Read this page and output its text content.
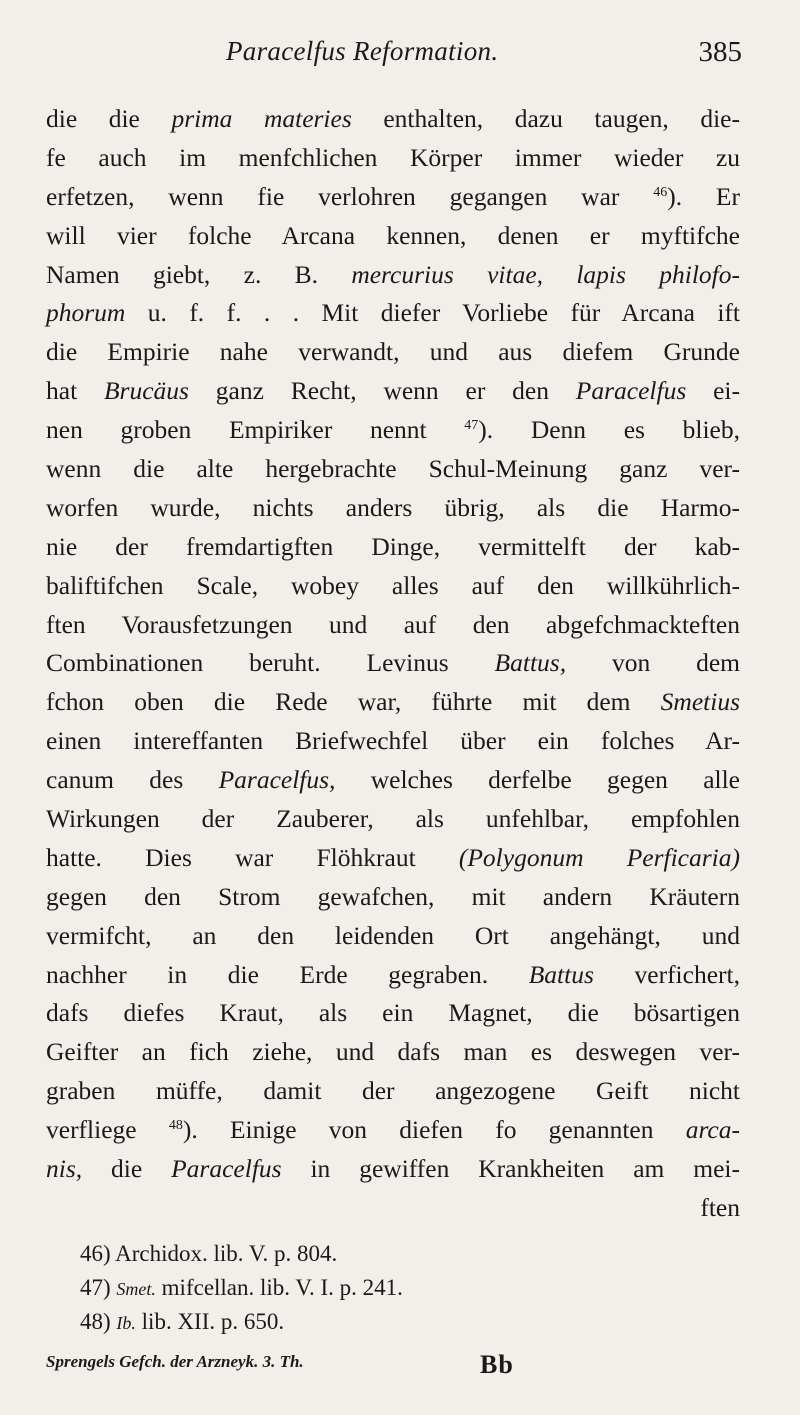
Paracelfus Reformation.	385
die die prima materies enthalten, dazu taugen, die-
fe auch im menfchlichen Körper immer wieder zu
erfetzen, wenn fie verlohren gegangen war $^{46}$). Er
will vier folche Arcana kennen, denen er myftifche
Namen giebt, z. B. mercurius vitae, lapis philofo-
phorum u. f. f. . . Mit diefer Vorliebe für Arcana ift
die Empirie nahe verwandt, und aus diefem Grunde
hat Brucäus ganz Recht, wenn er den Paracelfus ei-
nen groben Empiriker nennt $^{47}$). Denn es blieb,
wenn die alte hergebrachte Schul-Meinung ganz ver-
worfen wurde, nichts anders übrig, als die Harmo-
nie der fremdartigften Dinge, vermittelft der kab-
baliftifchen Scale, wobey alles auf den willkührlich-
ften Vorausfetzungen und auf den abgefchmackteften
Combinationen beruht. Levinus Battus, von dem
fchon oben die Rede war, führte mit dem Smetius
einen intereffanten Briefwechfel über ein folches Ar-
canum des Paracelfus, welches derfelbe gegen alle
Wirkungen der Zauberer, als unfehlbar, empfohlen
hatte. Dies war Flöhkraut (Polygonum Perficaria)
gegen den Strom gewafchen, mit andern Kräutern
vermifcht, an den leidenden Ort angehängt, und
nachher in die Erde gegraben. Battus verfichert,
dafs diefes Kraut, als ein Magnet, die bösartigen
Geifter an fich ziehe, und dafs man es deswegen ver-
graben müffe, damit der angezogene Geift nicht
verfliege $^{48}$). Einige von diefen fo genannten arca-
nis, die Paracelfus in gewiffen Krankheiten am mei-
ften
46) Archidox. lib. V. p. 804.
47) Smet. mifcellan. lib. V. I. p. 241.
48) Ib. lib. XII. p. 650.
Sprengels Gefch. der Arzneyk. 3. Th.	Bb
